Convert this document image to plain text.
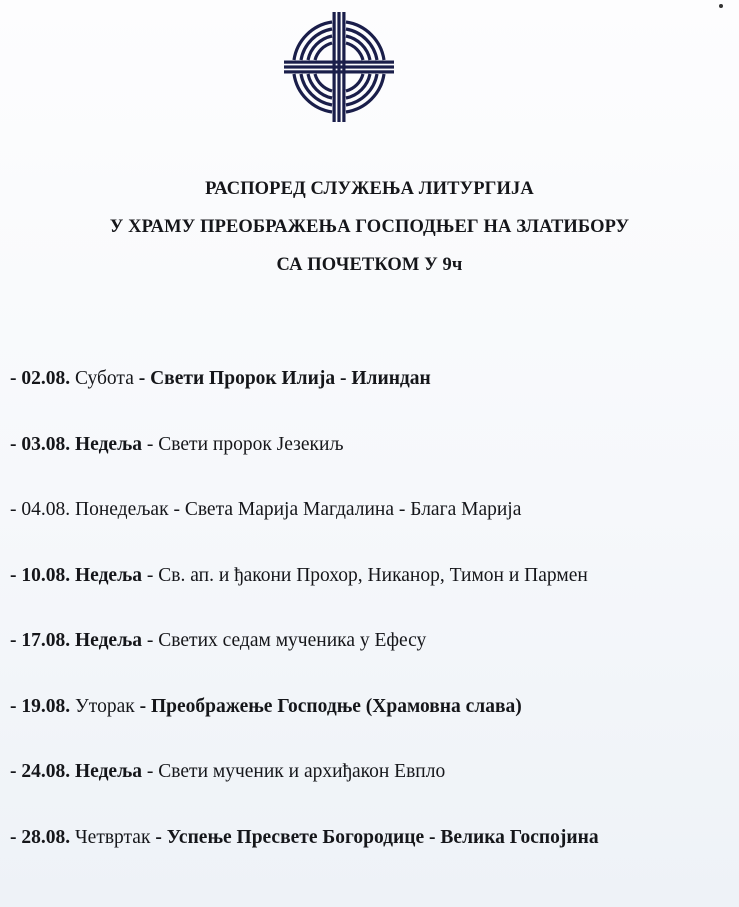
РАСПОРЕД СЛУЖЕЊА ЛИТУРГИЈА
У ХРАМУ ПРЕОБРАЖЕЊА ГОСПОДЊЕГ НА ЗЛАТИБОРУ
СА ПОЧЕТКОМ У 9ч
- 02.08. Субота - Свети Пророк Илија - Илиндан
- 03.08. Недеља - Свети пророк Језекиљ
- 04.08. Понедељак - Света Марија Магдалина - Блага Марија
- 10.08. Недеља - Св. ап. и ђакони Прохор, Никанор, Тимон и Пармен
- 17.08. Недеља - Светих седам мученика у Ефесу
- 19.08. Уторак - Преображење Господње (Храмовна слава)
- 24.08. Недеља - Свети мученик и архиђакон Евпло
- 28.08. Четвртак - Успење Пресвете Богородице - Велика Госпојина
